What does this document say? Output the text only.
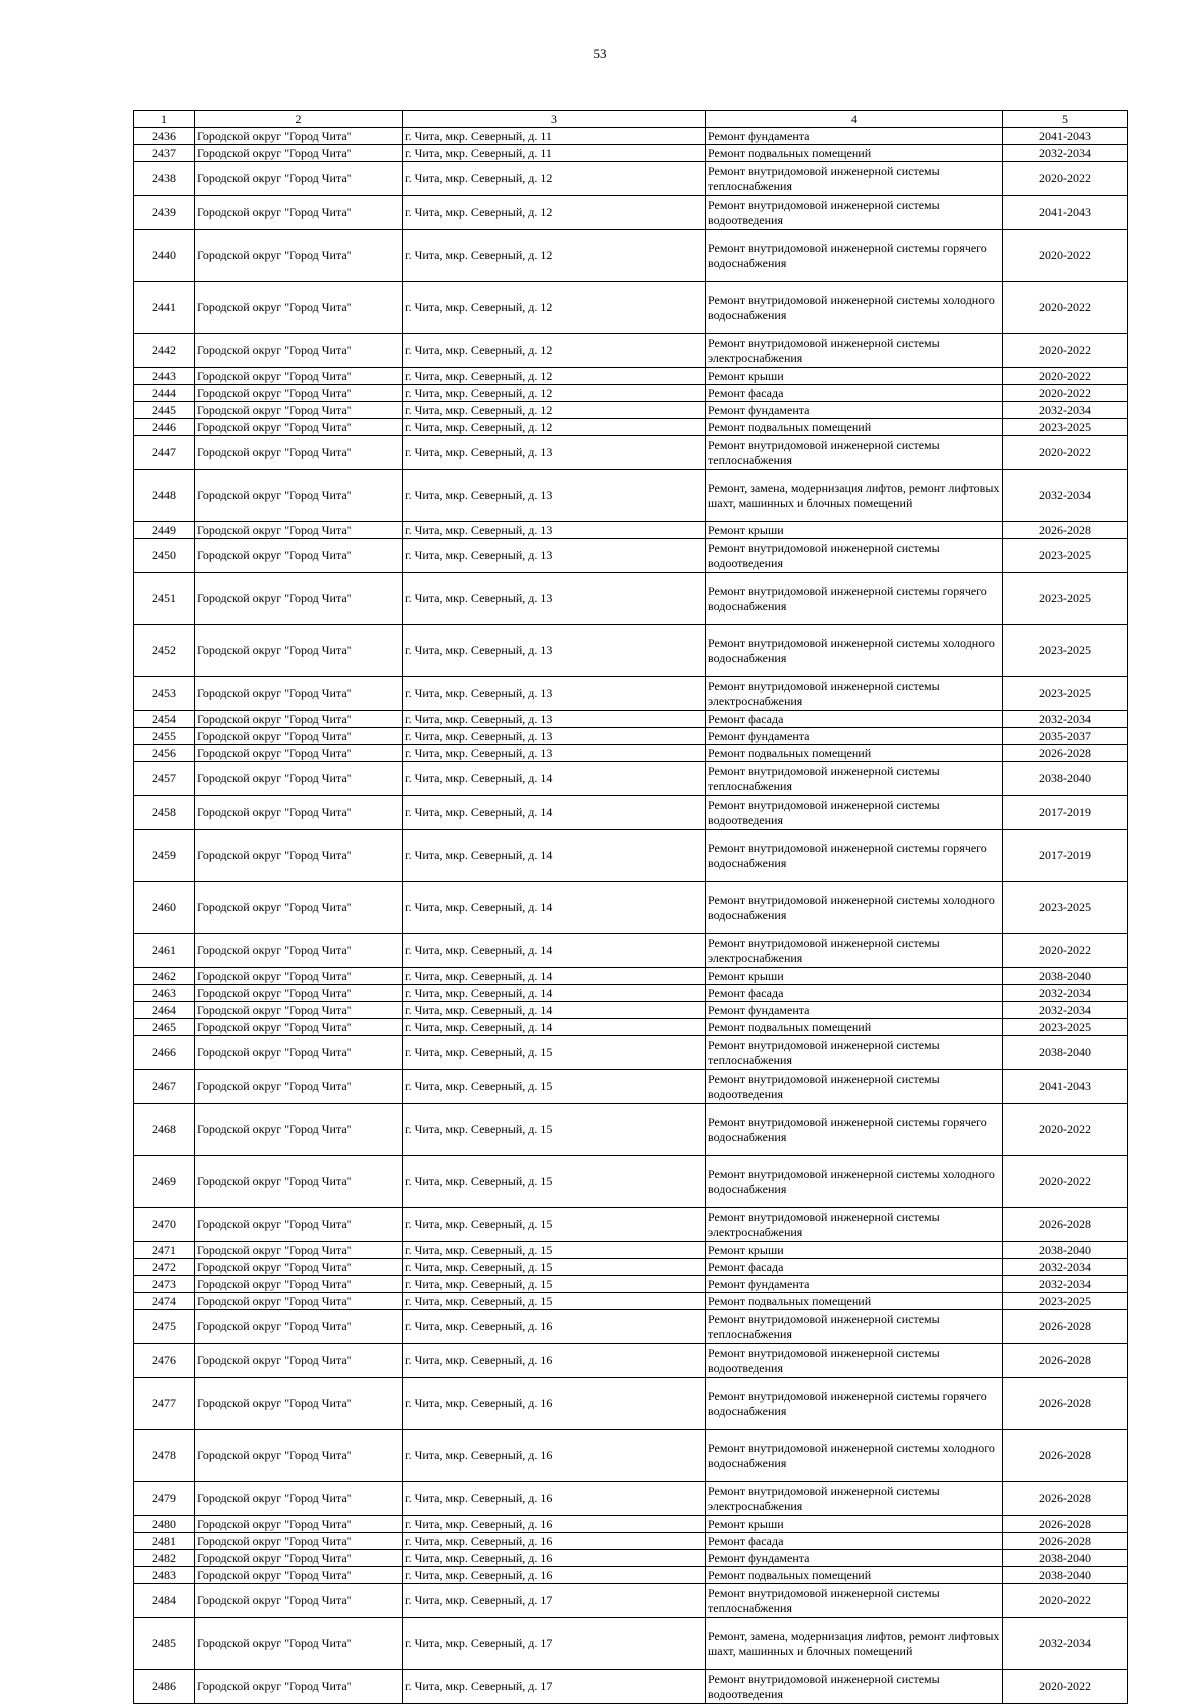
53
1	2	3	4	5
2436	Городской округ "Город Чита"	г. Чита, мкр. Северный, д. 11	Ремонт фундамента	2041-2043
2437	Городской округ "Город Чита"	г. Чита, мкр. Северный, д. 11	Ремонт подвальных помещений	2032-2034
2438	Городской округ "Город Чита"	г. Чита, мкр. Северный, д. 12	Ремонт внутридомовой инженерной системы теплоснабжения	2020-2022
2439	Городской округ "Город Чита"	г. Чита, мкр. Северный, д. 12	Ремонт внутридомовой инженерной системы водоотведения	2041-2043
2440	Городской округ "Город Чита"	г. Чита, мкр. Северный, д. 12	Ремонт внутридомовой инженерной системы горячего водоснабжения	2020-2022
2441	Городской округ "Город Чита"	г. Чита, мкр. Северный, д. 12	Ремонт внутридомовой инженерной системы холодного водоснабжения	2020-2022
2442	Городской округ "Город Чита"	г. Чита, мкр. Северный, д. 12	Ремонт внутридомовой инженерной системы электроснабжения	2020-2022
2443	Городской округ "Город Чита"	г. Чита, мкр. Северный, д. 12	Ремонт крыши	2020-2022
2444	Городской округ "Город Чита"	г. Чита, мкр. Северный, д. 12	Ремонт фасада	2020-2022
2445	Городской округ "Город Чита"	г. Чита, мкр. Северный, д. 12	Ремонт фундамента	2032-2034
2446	Городской округ "Город Чита"	г. Чита, мкр. Северный, д. 12	Ремонт подвальных помещений	2023-2025
2447	Городской округ "Город Чита"	г. Чита, мкр. Северный, д. 13	Ремонт внутридомовой инженерной системы теплоснабжения	2020-2022
2448	Городской округ "Город Чита"	г. Чита, мкр. Северный, д. 13	Ремонт, замена, модернизация лифтов, ремонт лифтовых шахт, машинных и блочных помещений	2032-2034
2449	Городской округ "Город Чита"	г. Чита, мкр. Северный, д. 13	Ремонт крыши	2026-2028
2450	Городской округ "Город Чита"	г. Чита, мкр. Северный, д. 13	Ремонт внутридомовой инженерной системы водоотведения	2023-2025
2451	Городской округ "Город Чита"	г. Чита, мкр. Северный, д. 13	Ремонт внутридомовой инженерной системы горячего водоснабжения	2023-2025
2452	Городской округ "Город Чита"	г. Чита, мкр. Северный, д. 13	Ремонт внутридомовой инженерной системы холодного водоснабжения	2023-2025
2453	Городской округ "Город Чита"	г. Чита, мкр. Северный, д. 13	Ремонт внутридомовой инженерной системы электроснабжения	2023-2025
2454	Городской округ "Город Чита"	г. Чита, мкр. Северный, д. 13	Ремонт фасада	2032-2034
2455	Городской округ "Город Чита"	г. Чита, мкр. Северный, д. 13	Ремонт фундамента	2035-2037
2456	Городской округ "Город Чита"	г. Чита, мкр. Северный, д. 13	Ремонт подвальных помещений	2026-2028
2457	Городской округ "Город Чита"	г. Чита, мкр. Северный, д. 14	Ремонт внутридомовой инженерной системы теплоснабжения	2038-2040
2458	Городской округ "Город Чита"	г. Чита, мкр. Северный, д. 14	Ремонт внутридомовой инженерной системы водоотведения	2017-2019
2459	Городской округ "Город Чита"	г. Чита, мкр. Северный, д. 14	Ремонт внутридомовой инженерной системы горячего водоснабжения	2017-2019
2460	Городской округ "Город Чита"	г. Чита, мкр. Северный, д. 14	Ремонт внутридомовой инженерной системы холодного водоснабжения	2023-2025
2461	Городской округ "Город Чита"	г. Чита, мкр. Северный, д. 14	Ремонт внутридомовой инженерной системы электроснабжения	2020-2022
2462	Городской округ "Город Чита"	г. Чита, мкр. Северный, д. 14	Ремонт крыши	2038-2040
2463	Городской округ "Город Чита"	г. Чита, мкр. Северный, д. 14	Ремонт фасада	2032-2034
2464	Городской округ "Город Чита"	г. Чита, мкр. Северный, д. 14	Ремонт фундамента	2032-2034
2465	Городской округ "Город Чита"	г. Чита, мкр. Северный, д. 14	Ремонт подвальных помещений	2023-2025
2466	Городской округ "Город Чита"	г. Чита, мкр. Северный, д. 15	Ремонт внутридомовой инженерной системы теплоснабжения	2038-2040
2467	Городской округ "Город Чита"	г. Чита, мкр. Северный, д. 15	Ремонт внутридомовой инженерной системы водоотведения	2041-2043
2468	Городской округ "Город Чита"	г. Чита, мкр. Северный, д. 15	Ремонт внутридомовой инженерной системы горячего водоснабжения	2020-2022
2469	Городской округ "Город Чита"	г. Чита, мкр. Северный, д. 15	Ремонт внутридомовой инженерной системы холодного водоснабжения	2020-2022
2470	Городской округ "Город Чита"	г. Чита, мкр. Северный, д. 15	Ремонт внутридомовой инженерной системы электроснабжения	2026-2028
2471	Городской округ "Город Чита"	г. Чита, мкр. Северный, д. 15	Ремонт крыши	2038-2040
2472	Городской округ "Город Чита"	г. Чита, мкр. Северный, д. 15	Ремонт фасада	2032-2034
2473	Городской округ "Город Чита"	г. Чита, мкр. Северный, д. 15	Ремонт фундамента	2032-2034
2474	Городской округ "Город Чита"	г. Чита, мкр. Северный, д. 15	Ремонт подвальных помещений	2023-2025
2475	Городской округ "Город Чита"	г. Чита, мкр. Северный, д. 16	Ремонт внутридомовой инженерной системы теплоснабжения	2026-2028
2476	Городской округ "Город Чита"	г. Чита, мкр. Северный, д. 16	Ремонт внутридомовой инженерной системы водоотведения	2026-2028
2477	Городской округ "Город Чита"	г. Чита, мкр. Северный, д. 16	Ремонт внутридомовой инженерной системы горячего водоснабжения	2026-2028
2478	Городской округ "Город Чита"	г. Чита, мкр. Северный, д. 16	Ремонт внутридомовой инженерной системы холодного водоснабжения	2026-2028
2479	Городской округ "Город Чита"	г. Чита, мкр. Северный, д. 16	Ремонт внутридомовой инженерной системы электроснабжения	2026-2028
2480	Городской округ "Город Чита"	г. Чита, мкр. Северный, д. 16	Ремонт крыши	2026-2028
2481	Городской округ "Город Чита"	г. Чита, мкр. Северный, д. 16	Ремонт фасада	2026-2028
2482	Городской округ "Город Чита"	г. Чита, мкр. Северный, д. 16	Ремонт фундамента	2038-2040
2483	Городской округ "Город Чита"	г. Чита, мкр. Северный, д. 16	Ремонт подвальных помещений	2038-2040
2484	Городской округ "Город Чита"	г. Чита, мкр. Северный, д. 17	Ремонт внутридомовой инженерной системы теплоснабжения	2020-2022
2485	Городской округ "Город Чита"	г. Чита, мкр. Северный, д. 17	Ремонт, замена, модернизация лифтов, ремонт лифтовых шахт, машинных и блочных помещений	2032-2034
2486	Городской округ "Город Чита"	г. Чита, мкр. Северный, д. 17	Ремонт внутридомовой инженерной системы водоотведения	2020-2022
